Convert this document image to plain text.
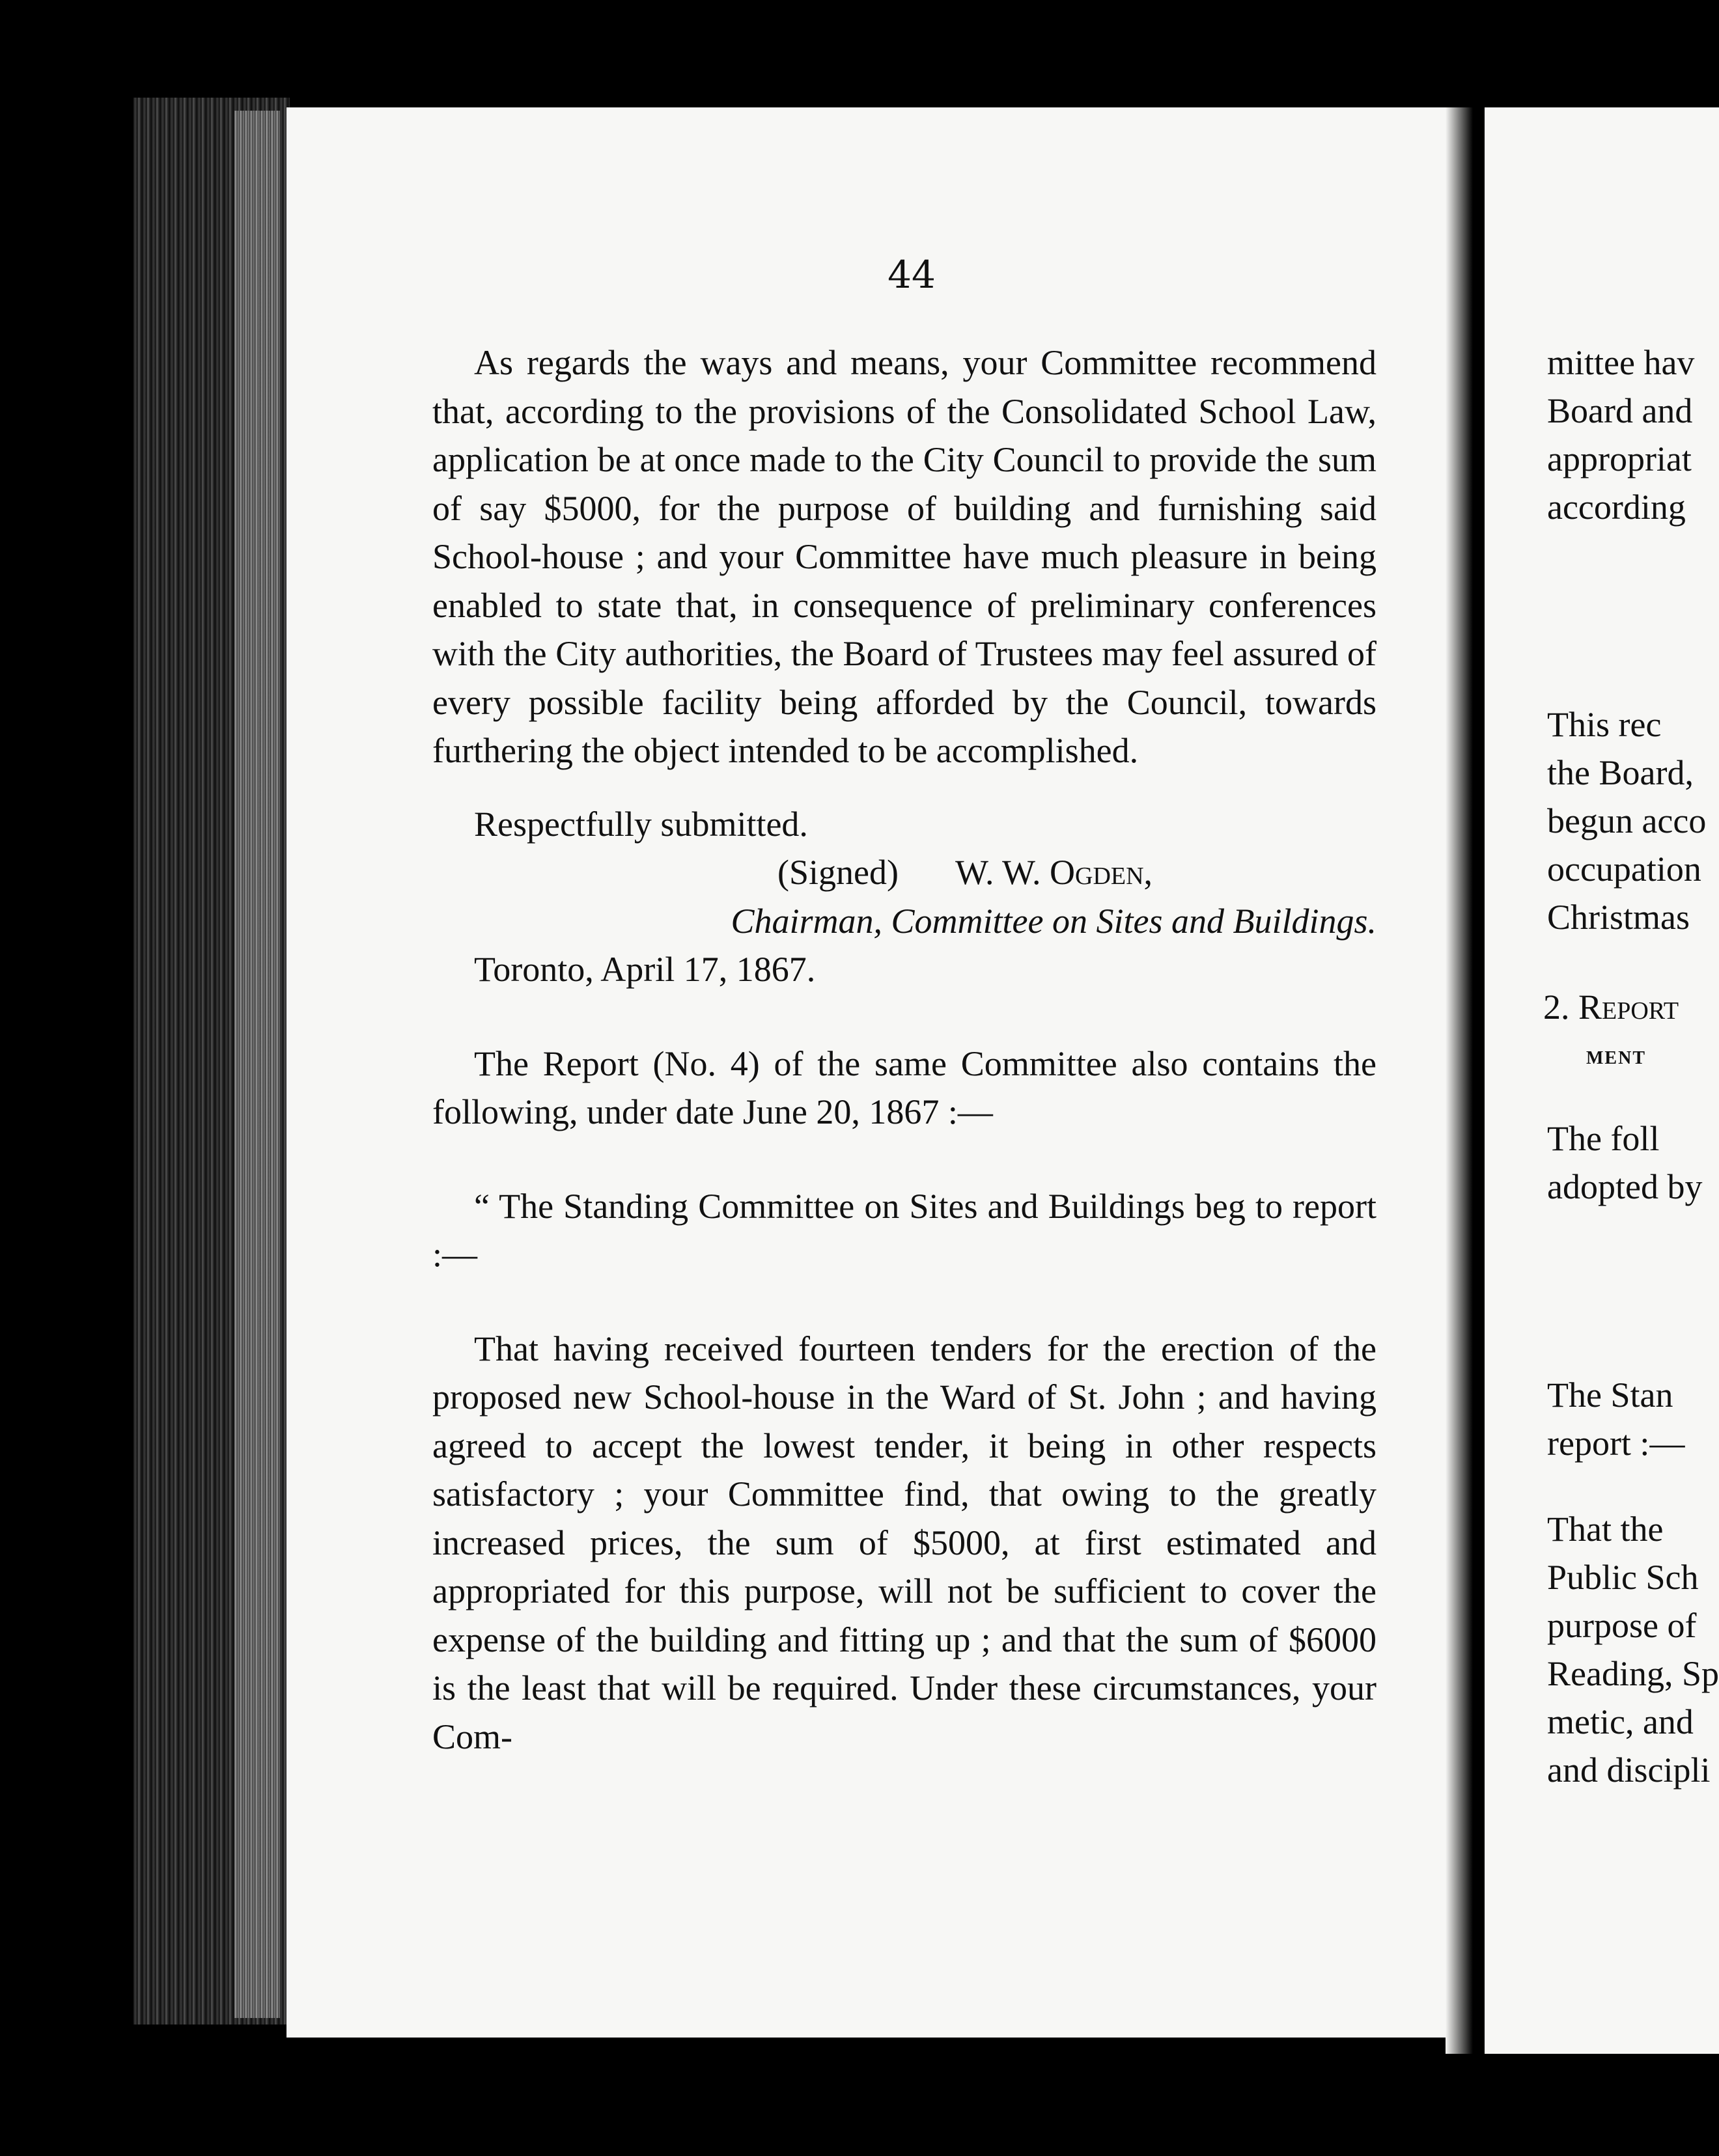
44

As regards the ways and means, your Committee recommend that, according to the provisions of the Consolidated School Law, application be at once made to the City Council to provide the sum of say $5000, for the purpose of building and furnishing said School-house ; and your Committee have much pleasure in being enabled to state that, in consequence of preliminary conferences with the City authorities, the Board of Trustees may feel assured of every possible facility being afforded by the Council, towards furthering the object intended to be accomplished.

Respectfully submitted.

(Signed) W. W. Ogden,

Chairman, Committee on Sites and Buildings.

Toronto, April 17, 1867.

The Report (No. 4) of the same Committee also contains the following, under date June 20, 1867 :—

“ The Standing Committee on Sites and Buildings beg to report :—

That having received fourteen tenders for the erection of the proposed new School-house in the Ward of St. John ; and having agreed to accept the lowest tender, it being in other respects satisfactory ; your Committee find, that owing to the greatly increased prices, the sum of $5000, at first estimated and appropriated for this purpose, will not be sufficient to cover the expense of the building and fitting up ; and that the sum of $6000 is the least that will be required. Under these circumstances, your Com-

mittee hav

Board and

appropriat

according

This rec

the Board,

begun acco

occupation

Christmas

2. Report

ment

The foll

adopted by

The Stan

report :—

That the

Public Sch

purpose of

Reading, Sp

metic, and

and discipli
